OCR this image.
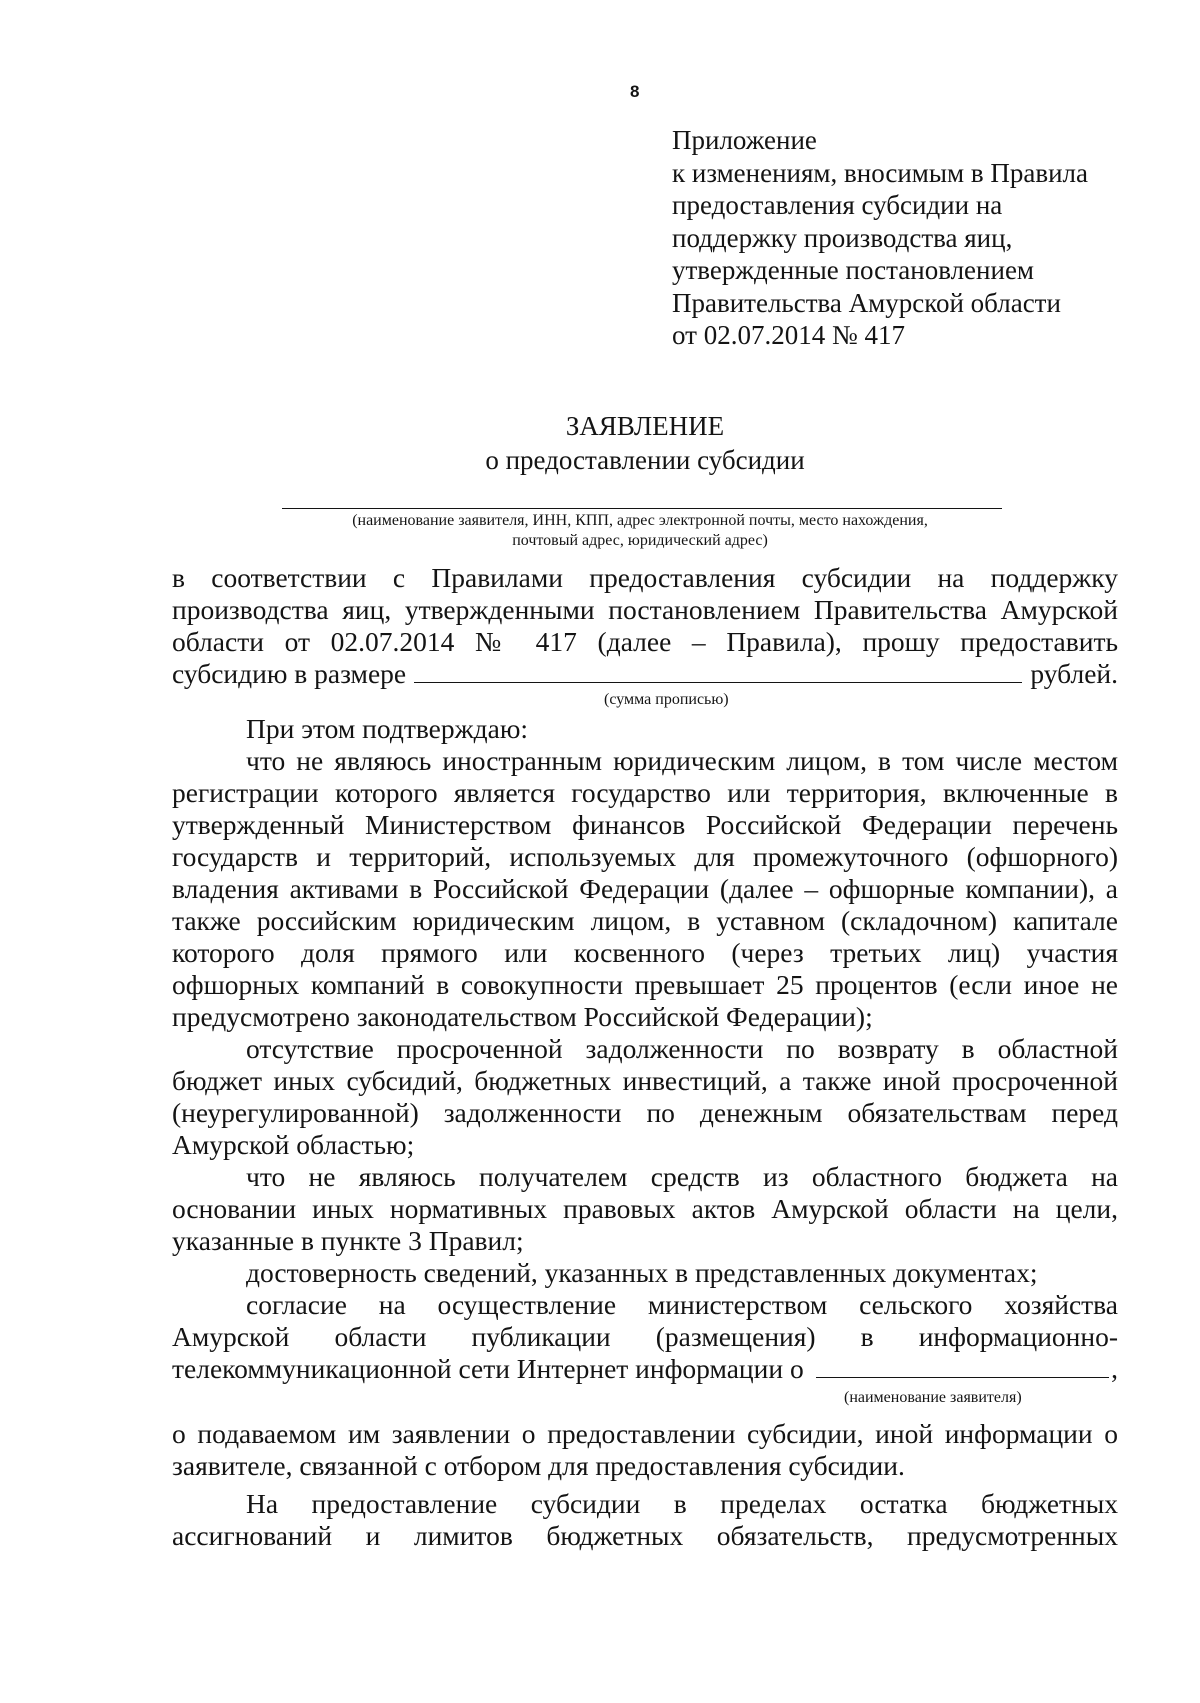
8
Приложение
к изменениям, вносимым в Правила
предоставления субсидии на
поддержку производства яиц,
утвержденные постановлением
Правительства Амурской области
от 02.07.2014 № 417
ЗАЯВЛЕНИЕ
о предоставлении субсидии
(наименование заявителя, ИНН, КПП, адрес электронной почты, место нахождения,
почтовый адрес, юридический адрес)
в соответствии с Правилами предоставления субсидии на поддержку
производства яиц, утвержденными постановлением Правительства Амурской
области от 02.07.2014 № 417 (далее – Правила), прошу предоставить
субсидию в размере	рублей.
(сумма прописью)
При этом подтверждаю:
что не являюсь иностранным юридическим лицом, в том числе местом
регистрации которого является государство или территория, включенные в
утвержденный Министерством финансов Российской Федерации перечень
государств и территорий, используемых для промежуточного (офшорного)
владения активами в Российской Федерации (далее – офшорные компании), а
также российским юридическим лицом, в уставном (складочном) капитале
которого доля прямого или косвенного (через третьих лиц) участия
офшорных компаний в совокупности превышает 25 процентов (если иное не
предусмотрено законодательством Российской Федерации);
отсутствие просроченной задолженности по возврату в областной
бюджет иных субсидий, бюджетных инвестиций, а также иной просроченной
(неурегулированной) задолженности по денежным обязательствам перед
Амурской областью;
что не являюсь получателем средств из областного бюджета на
основании иных нормативных правовых актов Амурской области на цели,
указанные в пункте 3 Правил;
достоверность сведений, указанных в представленных документах;
согласие на осуществление министерством сельского хозяйства
Амурской области публикации (размещения) в информационно-
телекоммуникационной сети Интернет информации о	,
(наименование заявителя)
о подаваемом им заявлении о предоставлении субсидии, иной информации о
заявителе, связанной с отбором для предоставления субсидии.
На предоставление субсидии в пределах остатка бюджетных
ассигнований и лимитов бюджетных обязательств, предусмотренных
